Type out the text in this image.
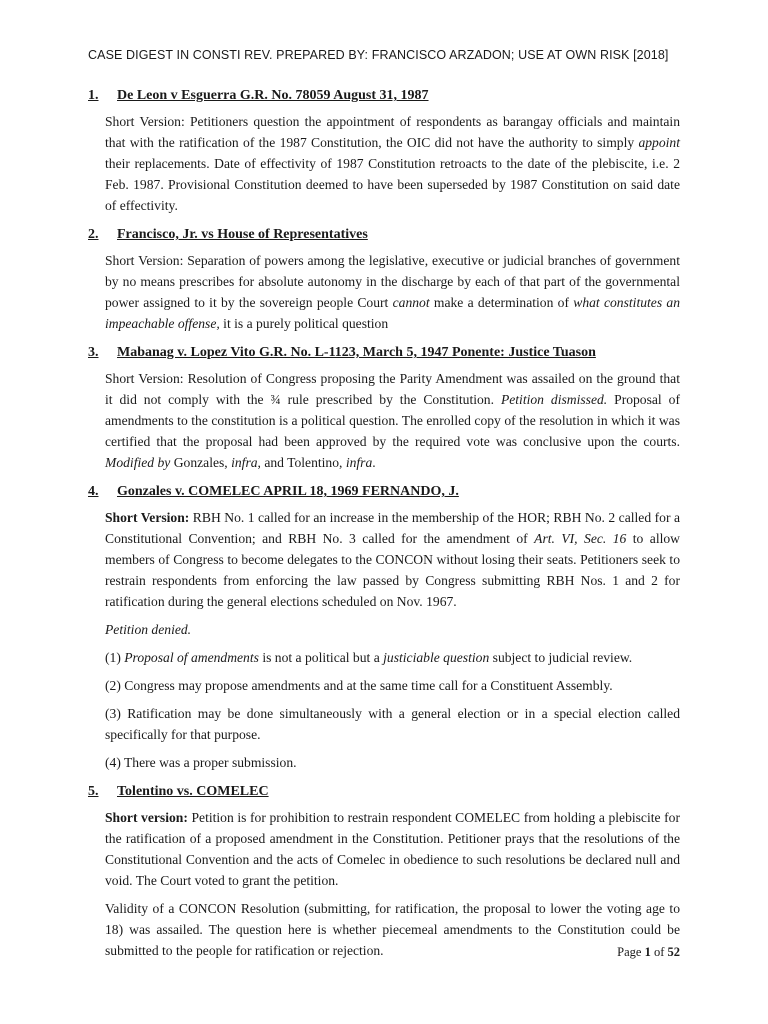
CASE DIGEST IN CONSTI REV. PREPARED BY: FRANCISCO ARZADON; USE AT OWN RISK [2018]
1.	De Leon v Esguerra G.R. No. 78059 August 31, 1987

Short Version: Petitioners question the appointment of respondents as barangay officials and maintain that with the ratification of the 1987 Constitution, the OIC did not have the authority to simply appoint their replacements. Date of effectivity of 1987 Constitution retroacts to the date of the plebiscite, i.e. 2 Feb. 1987. Provisional Constitution deemed to have been superseded by 1987 Constitution on said date of effectivity.

2.	Francisco, Jr. vs House of Representatives

Short Version: Separation of powers among the legislative, executive or judicial branches of government by no means prescribes for absolute autonomy in the discharge by each of that part of the governmental power assigned to it by the sovereign people Court cannot make a determination of what constitutes an impeachable offense, it is a purely political question

3.	Mabanag v. Lopez Vito G.R. No. L-1123, March 5, 1947 Ponente: Justice Tuason

Short Version: Resolution of Congress proposing the Parity Amendment was assailed on the ground that it did not comply with the ¾ rule prescribed by the Constitution. Petition dismissed. Proposal of amendments to the constitution is a political question. The enrolled copy of the resolution in which it was certified that the proposal had been approved by the required vote was conclusive upon the courts. Modified by Gonzales, infra, and Tolentino, infra.

4.	Gonzales v. COMELEC APRIL 18, 1969 FERNANDO, J.

Short Version: RBH No. 1 called for an increase in the membership of the HOR; RBH No. 2 called for a Constitutional Convention; and RBH No. 3 called for the amendment of Art. VI, Sec. 16 to allow members of Congress to become delegates to the CONCON without losing their seats. Petitioners seek to restrain respondents from enforcing the law passed by Congress submitting RBH Nos. 1 and 2 for ratification during the general elections scheduled on Nov. 1967.

Petition denied.

(1) Proposal of amendments is not a political but a justiciable question subject to judicial review.

(2) Congress may propose amendments and at the same time call for a Constituent Assembly.

(3) Ratification may be done simultaneously with a general election or in a special election called specifically for that purpose.

(4) There was a proper submission.

5.	Tolentino vs. COMELEC

Short version: Petition is for prohibition to restrain respondent COMELEC from holding a plebiscite for the ratification of a proposed amendment in the Constitution. Petitioner prays that the resolutions of the Constitutional Convention and the acts of Comelec in obedience to such resolutions be declared null and void. The Court voted to grant the petition.

Validity of a CONCON Resolution (submitting, for ratification, the proposal to lower the voting age to 18) was assailed. The question here is whether piecemeal amendments to the Constitution could be submitted to the people for ratification or rejection.	Page 1 of 52
